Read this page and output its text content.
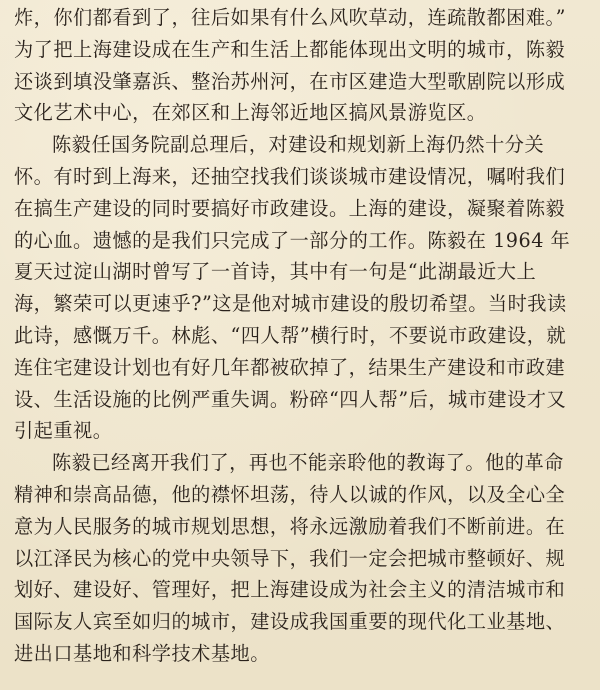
炸，你们都看到了，往后如果有什么风吹草动，连疏散都困难。”
为了把上海建设成在生产和生活上都能体现出文明的城市，陈毅
还谈到填没肇嘉浜、整治苏州河，在市区建造大型歌剧院以形成
文化艺术中心，在郊区和上海邻近地区搞风景游览区。
陈毅任国务院副总理后，对建设和规划新上海仍然十分关
怀。有时到上海来，还抽空找我们谈谈城市建设情况，嘱咐我们
在搞生产建设的同时要搞好市政建设。上海的建设，凝聚着陈毅
的心血。遗憾的是我们只完成了一部分的工作。陈毅在 1964 年
夏天过淀山湖时曾写了一首诗，其中有一句是“此湖最近大上
海，繁荣可以更速乎?”这是他对城市建设的殷切希望。当时我读
此诗，感慨万千。林彪、“四人帮”横行时，不要说市政建设，就
连住宅建设计划也有好几年都被砍掉了，结果生产建设和市政建
设、生活设施的比例严重失调。粉碎“四人帮”后，城市建设才又
引起重视。
陈毅已经离开我们了，再也不能亲聆他的教诲了。他的革命
精神和崇高品德，他的襟怀坦荡，待人以诚的作风，以及全心全
意为人民服务的城市规划思想，将永远激励着我们不断前进。在
以江泽民为核心的党中央领导下，我们一定会把城市整顿好、规
划好、建设好、管理好，把上海建设成为社会主义的清洁城市和
国际友人宾至如归的城市，建设成我国重要的现代化工业基地、
进出口基地和科学技术基地。
